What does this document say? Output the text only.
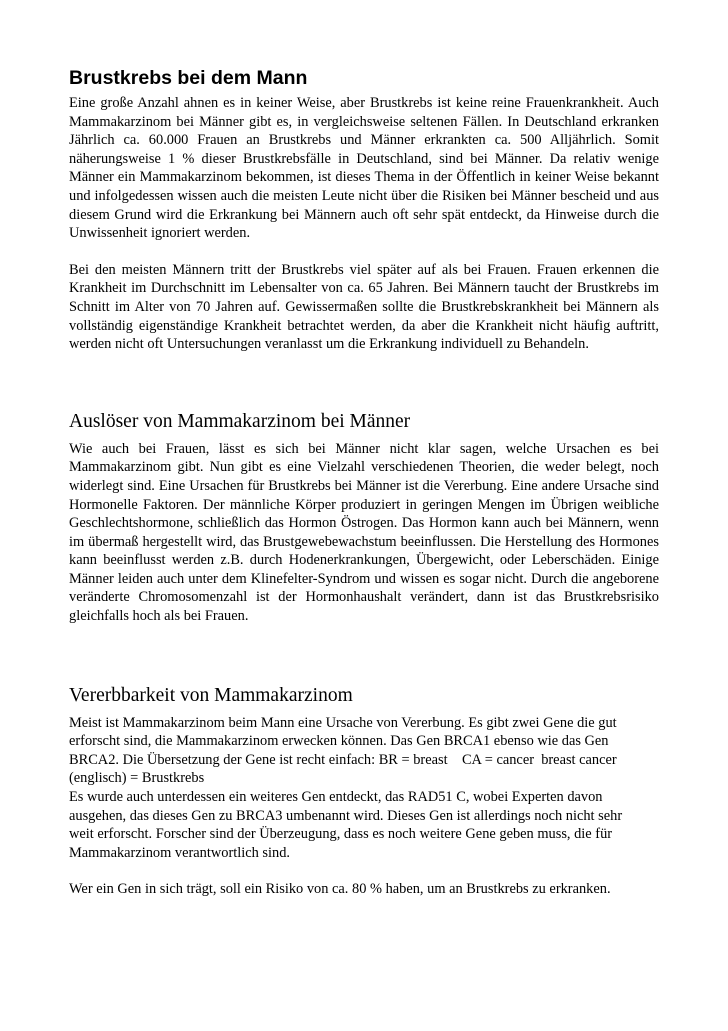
Brustkrebs bei dem Mann

Eine große Anzahl ahnen es in keiner Weise, aber Brustkrebs ist keine reine Frauenkrankheit. Auch Mammakarzinom bei Männer gibt es, in vergleichsweise seltenen Fällen. In Deutschland erkranken Jährlich ca. 60.000 Frauen an Brustkrebs und Männer erkrankten ca. 500 Alljährlich. Somit näherungsweise 1 % dieser Brustkrebsfälle in Deutschland, sind bei Männer. Da relativ wenige Männer ein Mammakarzinom bekommen, ist dieses Thema in der Öffentlich in keiner Weise bekannt und infolgedessen wissen auch die meisten Leute nicht über die Risiken bei Männer bescheid und aus diesem Grund wird die Erkrankung bei Männern auch oft sehr spät entdeckt, da Hinweise durch die Unwissenheit ignoriert werden.

Bei den meisten Männern tritt der Brustkrebs viel später auf als bei Frauen. Frauen erkennen die Krankheit im Durchschnitt im Lebensalter von ca. 65 Jahren. Bei Männern taucht der Brustkrebs im Schnitt im Alter von 70 Jahren auf. Gewissermaßen sollte die Brustkrebskrankheit bei Männern als vollständig eigenständige Krankheit betrachtet werden, da aber die Krankheit nicht häufig auftritt, werden nicht oft Untersuchungen veranlasst um die Erkrankung individuell zu Behandeln.

Auslöser von Mammakarzinom bei Männer

Wie auch bei Frauen, lässt es sich bei Männer nicht klar sagen, welche Ursachen es bei Mammakarzinom gibt. Nun gibt es eine Vielzahl verschiedenen Theorien, die weder belegt, noch widerlegt sind. Eine Ursachen für Brustkrebs bei Männer ist die Vererbung. Eine andere Ursache sind Hormonelle Faktoren. Der männliche Körper produziert in geringen Mengen im Übrigen weibliche Geschlechtshormone, schließlich das Hormon Östrogen. Das Hormon kann auch bei Männern, wenn im übermaß hergestellt wird, das Brustgewebewachstum beeinflussen. Die Herstellung des Hormones kann beeinflusst werden z.B. durch Hodenerkrankungen, Übergewicht, oder Leberschäden. Einige Männer leiden auch unter dem Klinefelter-Syndrom und wissen es sogar nicht. Durch die angeborene veränderte Chromosomenzahl ist der Hormonhaushalt verändert, dann ist das Brustkrebsrisiko gleichfalls hoch als bei Frauen.

Vererbbarkeit von Mammakarzinom
Meist ist Mammakarzinom beim Mann eine Ursache von Vererbung. Es gibt zwei Gene die gut
erforscht sind, die Mammakarzinom erwecken können. Das Gen BRCA1 ebenso wie das Gen
BRCA2. Die Übersetzung der Gene ist recht einfach: BR = breast    CA = cancer  breast cancer
(englisch) = Brustkrebs
Es wurde auch unterdessen ein weiteres Gen entdeckt, das RAD51 C, wobei Experten davon
ausgehen, das dieses Gen zu BRCA3 umbenannt wird. Dieses Gen ist allerdings noch nicht sehr
weit erforscht. Forscher sind der Überzeugung, dass es noch weitere Gene geben muss, die für
Mammakarzinom verantwortlich sind.

Wer ein Gen in sich trägt, soll ein Risiko von ca. 80 % haben, um an Brustkrebs zu erkranken.
